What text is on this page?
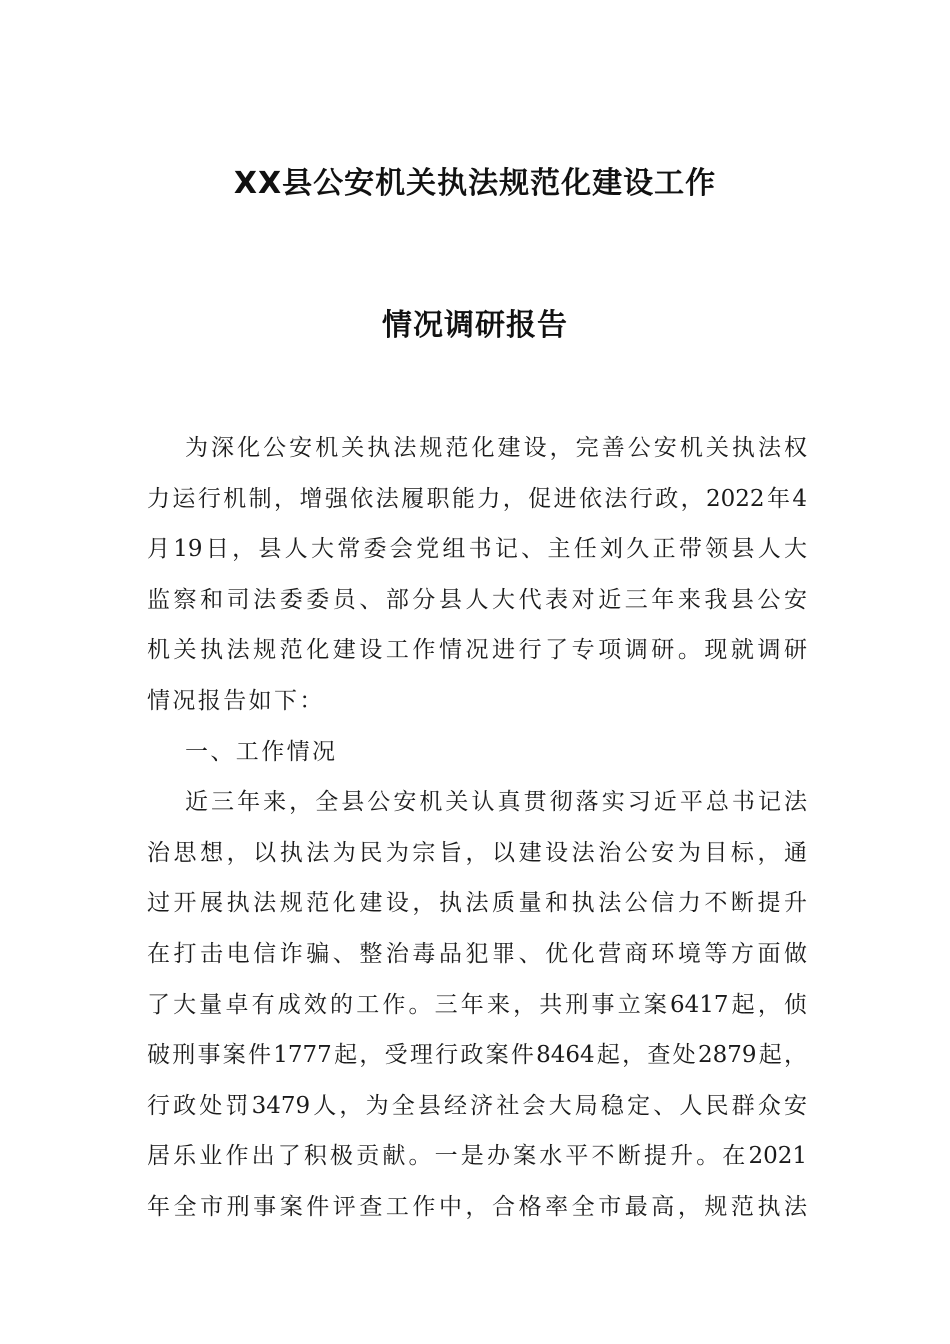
XX县公安机关执法规范化建设工作
情况调研报告
为深化公安机关执法规范化建设，完善公安机关执法权
力运行机制，增强依法履职能力，促进依法行政，2022年4
月19日，县人大常委会党组书记、主任刘久正带领县人大
监察和司法委委员、部分县人大代表对近三年来我县公安
机关执法规范化建设工作情况进行了专项调研。现就调研
情况报告如下：
一、工作情况
近三年来，全县公安机关认真贯彻落实习近平总书记法
治思想，以执法为民为宗旨，以建设法治公安为目标，通
过开展执法规范化建设，执法质量和执法公信力不断提升
在打击电信诈骗、整治毒品犯罪、优化营商环境等方面做
了大量卓有成效的工作。三年来，共刑事立案6417起，侦
破刑事案件1777起，受理行政案件8464起，查处2879起，
行政处罚3479人，为全县经济社会大局稳定、人民群众安
居乐业作出了积极贡献。一是办案水平不断提升。在2021
年全市刑事案件评查工作中，合格率全市最高，规范执法
